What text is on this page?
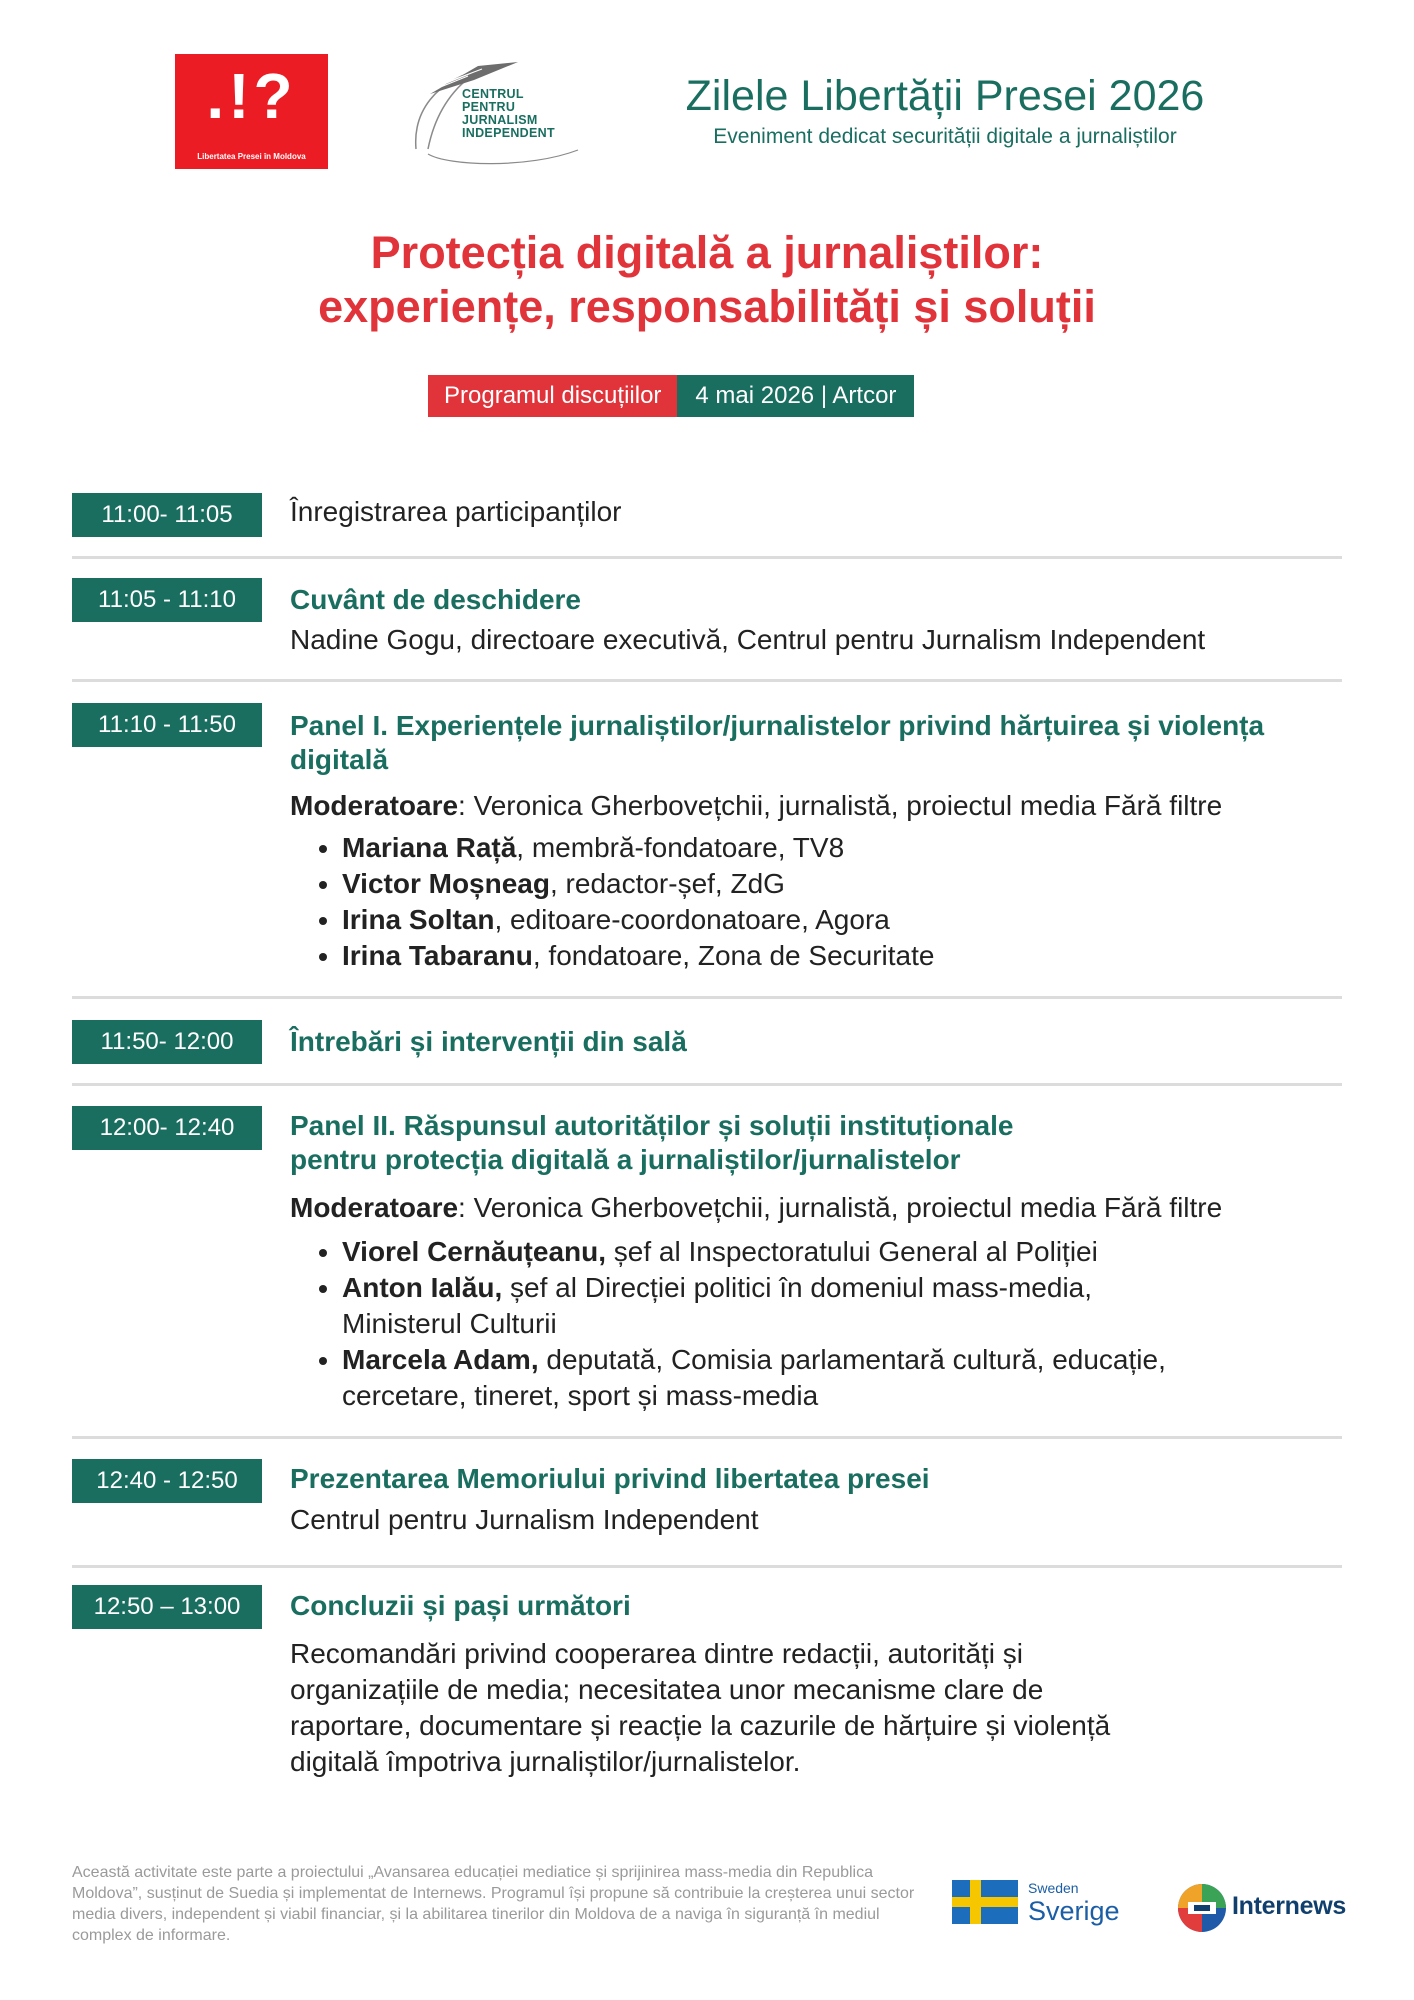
.!?
Libertatea Presei în Moldova
CENTRUL
PENTRU
JURNALISM
INDEPENDENT
Zilele Libertății Presei 2026
Eveniment dedicat securității digitale a jurnaliștilor
Protecția digitală a jurnaliștilor:
experiențe, responsabilități și soluții
Programul discuțiilor	4 mai 2026 | Artcor
11:00- 11:05	Înregistrarea participanților
11:05 - 11:10	Cuvânt de deschidere
Nadine Gogu, directoare executivă, Centrul pentru Jurnalism Independent
11:10 - 11:50	Panel I. Experiențele jurnaliștilor/jurnalistelor privind hărțuirea și violența digitală
Moderatoare: Veronica Gherbovețchii, jurnalistă, proiectul media Fără filtre
• Mariana Rață, membră-fondatoare, TV8
• Victor Moșneag, redactor-șef, ZdG
• Irina Soltan, editoare-coordonatoare, Agora
• Irina Tabaranu, fondatoare, Zona de Securitate
11:50- 12:00	Întrebări și intervenții din sală
12:00- 12:40	Panel II. Răspunsul autorităților și soluții instituționale
pentru protecția digitală a jurnaliștilor/jurnalistelor
Moderatoare: Veronica Gherbovețchii, jurnalistă, proiectul media Fără filtre
• Viorel Cernăuțeanu, șef al Inspectoratului General al Poliției
• Anton Ialău, șef al Direcției politici în domeniul mass-media, Ministerul Culturii
• Marcela Adam, deputată, Comisia parlamentară cultură, educație, cercetare, tineret, sport și mass-media
12:40 - 12:50	Prezentarea Memoriului privind libertatea presei
Centrul pentru Jurnalism Independent
12:50 – 13:00	Concluzii și pași următori
Recomandări privind cooperarea dintre redacții, autorități și organizațiile de media; necesitatea unor mecanisme clare de raportare, documentare și reacție la cazurile de hărțuire și violență digitală împotriva jurnaliștilor/jurnalistelor.
Această activitate este parte a proiectului „Avansarea educației mediatice și sprijinirea mass-media din Republica Moldova”, susținut de Suedia și implementat de Internews. Programul își propune să contribuie la creșterea unui sector media divers, independent și viabil financiar, și la abilitarea tinerilor din Moldova de a naviga în siguranță în mediul complex de informare.
Sweden
Sverige	Internews
